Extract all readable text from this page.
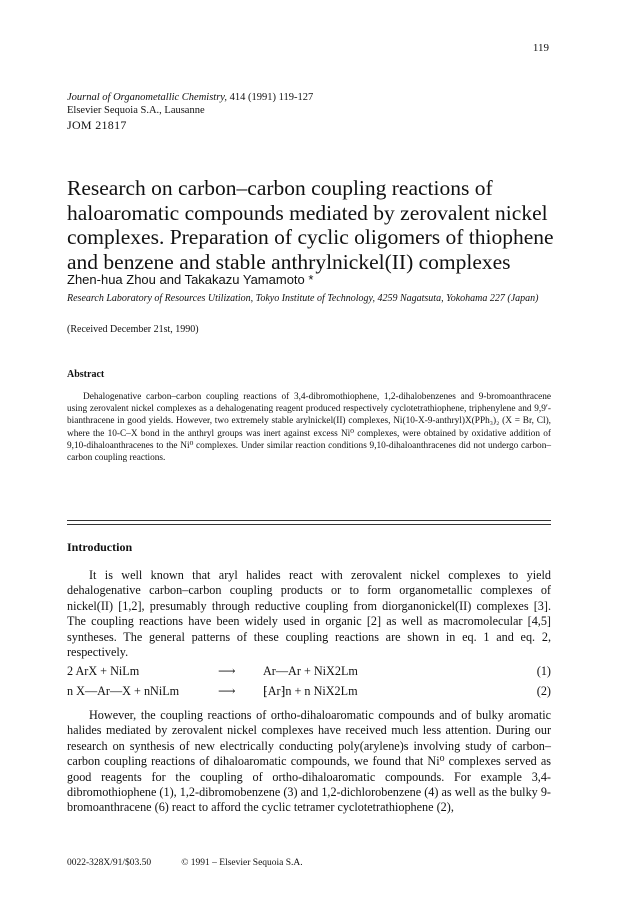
119
Journal of Organometallic Chemistry, 414 (1991) 119-127
Elsevier Sequoia S.A., Lausanne
JOM 21817
Research on carbon–carbon coupling reactions of haloaromatic compounds mediated by zerovalent nickel complexes. Preparation of cyclic oligomers of thiophene and benzene and stable anthrylnickel(II) complexes
Zhen-hua Zhou and Takakazu Yamamoto *
Research Laboratory of Resources Utilization, Tokyo Institute of Technology, 4259 Nagatsuta, Yokohama 227 (Japan)
(Received December 21st, 1990)
Abstract
Dehalogenative carbon–carbon coupling reactions of 3,4-dibromothiophene, 1,2-dihalobenzenes and 9-bromoanthracene using zerovalent nickel complexes as a dehalogenating reagent produced respectively cyclotetrathiophene, triphenylene and 9,9′-bianthracene in good yields. However, two extremely stable arylnickel(II) complexes, Ni(10-X-9-anthryl)X(PPh₃)₂ (X = Br, Cl), where the 10-C–X bond in the anthryl groups was inert against excess Ni⁰ complexes, were obtained by oxidative addition of 9,10-dihaloanthracenes to the Ni⁰ complexes. Under similar reaction conditions 9,10-dihaloanthracenes did not undergo carbon–carbon coupling reactions.
Introduction
It is well known that aryl halides react with zerovalent nickel complexes to yield dehalogenative carbon–carbon coupling products or to form organometallic complexes of nickel(II) [1,2], presumably through reductive coupling from diorganonickel(II) complexes [3]. The coupling reactions have been widely used in organic [2] as well as macromolecular [4,5] syntheses. The general patterns of these coupling reactions are shown in eq. 1 and eq. 2, respectively.
2 ArX + NiLm	⟶ Ar—Ar + NiX2Lm	(1)
n X—Ar—X + nNiLm	⟶ ⁅Ar⁆n + n NiX2Lm	(2)
However, the coupling reactions of ortho-dihaloaromatic compounds and of bulky aromatic halides mediated by zerovalent nickel complexes have received much less attention. During our research on synthesis of new electrically conducting poly(arylene)s involving study of carbon–carbon coupling reactions of dihaloaromatic compounds, we found that Ni⁰ complexes served as good reagents for the coupling of ortho-dihaloaromatic compounds. For example 3,4-dibromothiophene (1), 1,2-dibromobenzene (3) and 1,2-dichlorobenzene (4) as well as the bulky 9-bromoanthracene (6) react to afford the cyclic tetramer cyclotetrathiophene (2),
0022-328X/91/$03.50	© 1991 – Elsevier Sequoia S.A.
